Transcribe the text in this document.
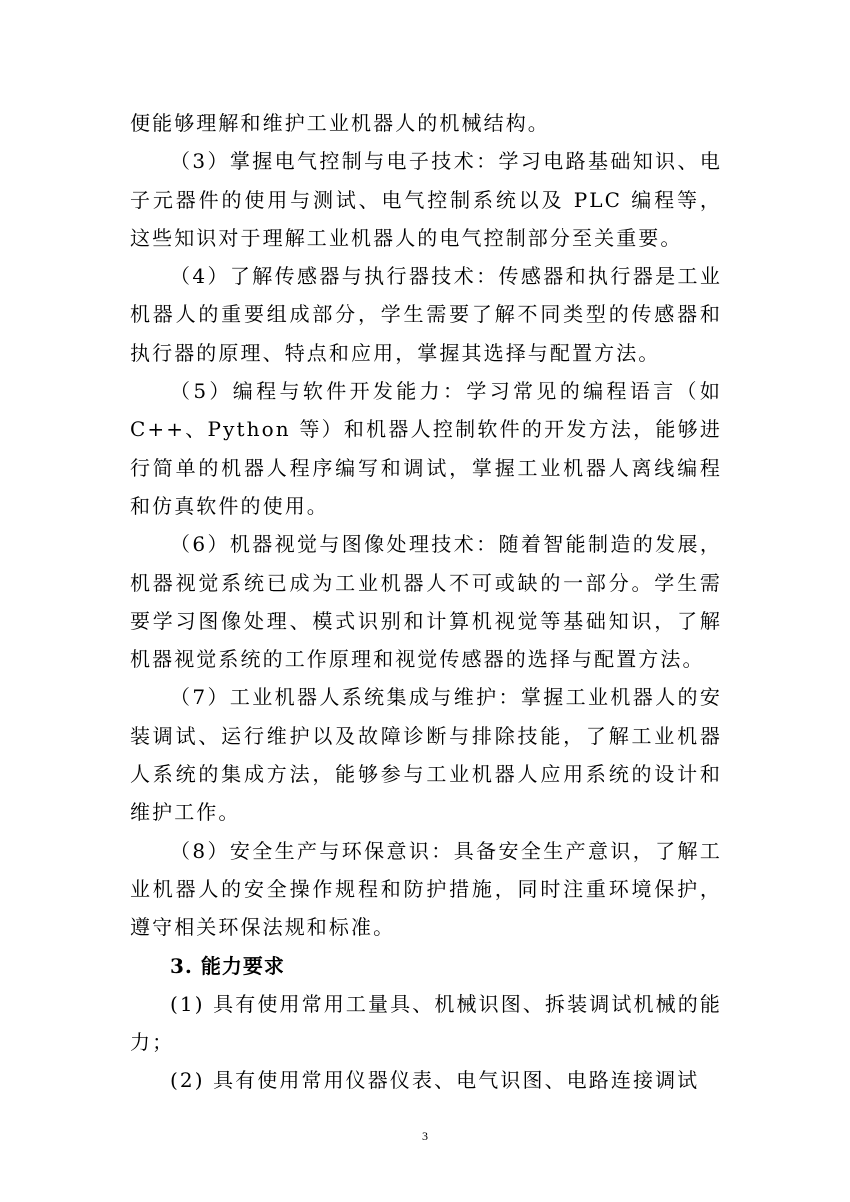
便能够理解和维护工业机器人的机械结构。

（3）掌握电气控制与电子技术：学习电路基础知识、电子元器件的使用与测试、电气控制系统以及 PLC 编程等，这些知识对于理解工业机器人的电气控制部分至关重要。

（4）了解传感器与执行器技术：传感器和执行器是工业机器人的重要组成部分，学生需要了解不同类型的传感器和执行器的原理、特点和应用，掌握其选择与配置方法。

（5）编程与软件开发能力：学习常见的编程语言（如 C++、Python 等）和机器人控制软件的开发方法，能够进行简单的机器人程序编写和调试，掌握工业机器人离线编程和仿真软件的使用。

（6）机器视觉与图像处理技术：随着智能制造的发展，机器视觉系统已成为工业机器人不可或缺的一部分。学生需要学习图像处理、模式识别和计算机视觉等基础知识，了解机器视觉系统的工作原理和视觉传感器的选择与配置方法。

（7）工业机器人系统集成与维护：掌握工业机器人的安装调试、运行维护以及故障诊断与排除技能，了解工业机器人系统的集成方法，能够参与工业机器人应用系统的设计和维护工作。

（8）安全生产与环保意识：具备安全生产意识，了解工业机器人的安全操作规程和防护措施，同时注重环境保护，遵守相关环保法规和标准。

3. 能力要求

(1) 具有使用常用工量具、机械识图、拆装调试机械的能力；

(2) 具有使用常用仪器仪表、电气识图、电路连接调试

3
